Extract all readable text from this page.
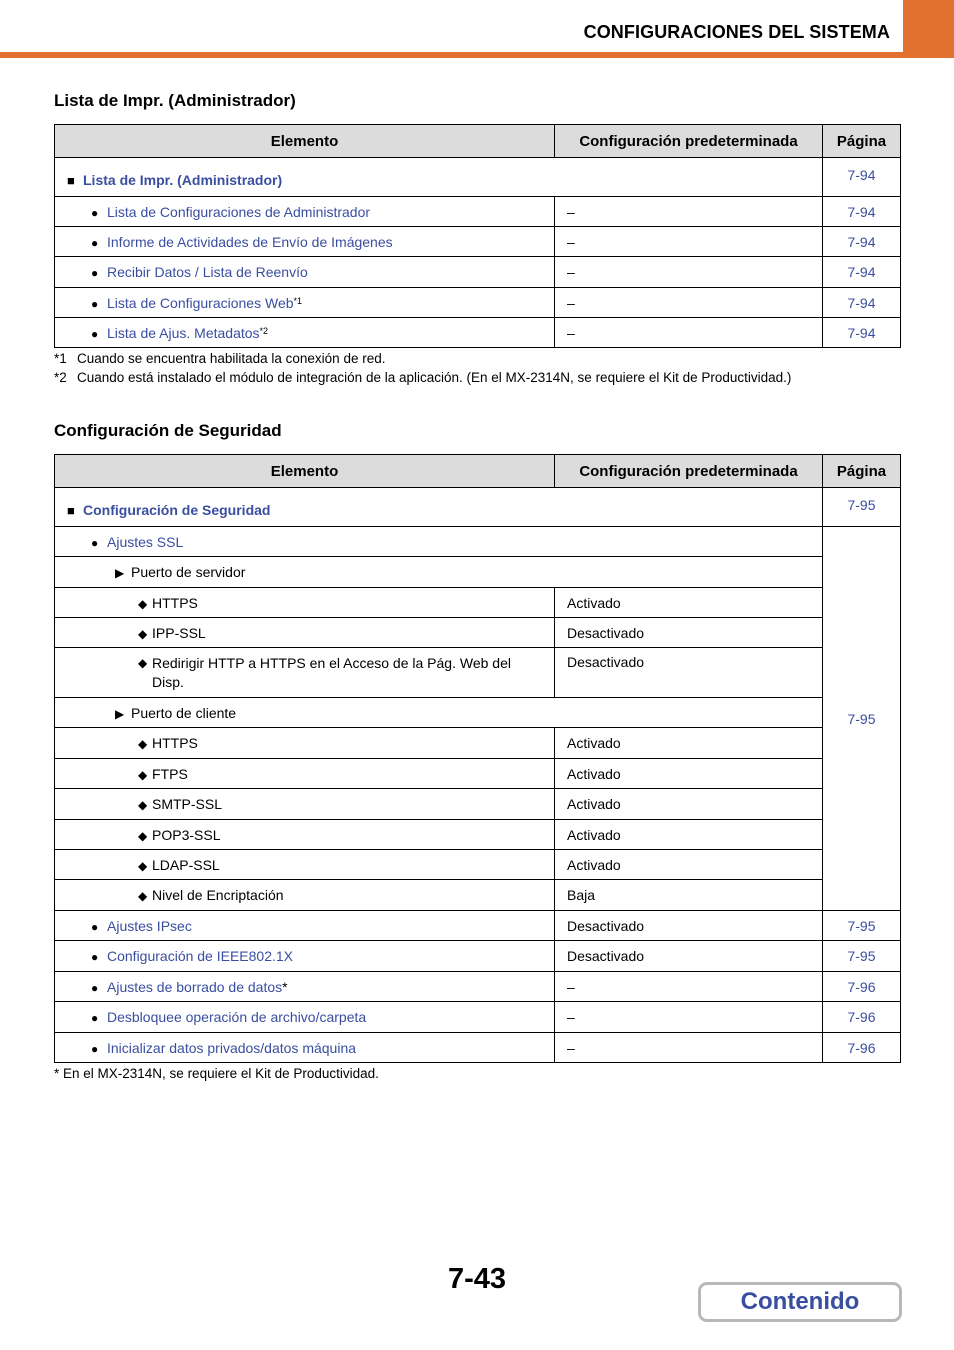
CONFIGURACIONES DEL SISTEMA
Lista de Impr. (Administrador)
Elemento	Configuración predeterminada	Página
■ Lista de Impr. (Administrador)		7-94
● Lista de Configuraciones de Administrador	–	7-94
● Informe de Actividades de Envío de Imágenes	–	7-94
● Recibir Datos / Lista de Reenvío	–	7-94
● Lista de Configuraciones Web$^{*1}$	–	7-94
● Lista de Ajus. Metadatos$^{*2}$	–	7-94
*1 Cuando se encuentra habilitada la conexión de red.
*2 Cuando está instalado el módulo de integración de la aplicación. (En el MX-2314N, se requiere el Kit de Productividad.)
Configuración de Seguridad
Elemento	Configuración predeterminada	Página
■ Configuración de Seguridad		7-95
● Ajustes SSL		7-95
▶ Puerto de servidor		
◆ HTTPS	Activado	
◆ IPP-SSL	Desactivado	

◆ Redirigir HTTP a HTTPS en el Acceso de la Pág. Web del Disp.	Desactivado	
▶ Puerto de cliente		
◆ HTTPS	Activado	
◆ FTPS	Activado	
◆ SMTP-SSL	Activado	
◆ POP3-SSL	Activado	
◆ LDAP-SSL	Activado	
◆ Nivel de Encriptación	Baja	
● Ajustes IPsec	Desactivado	7-95
● Configuración de IEEE802.1X	Desactivado	7-95
● Ajustes de borrado de datos*	–	7-96
● Desbloquee operación de archivo/carpeta	–	7-96
● Inicializar datos privados/datos máquina	–	7-96
* En el MX-2314N, se requiere el Kit de Productividad.
7-43
Contenido
